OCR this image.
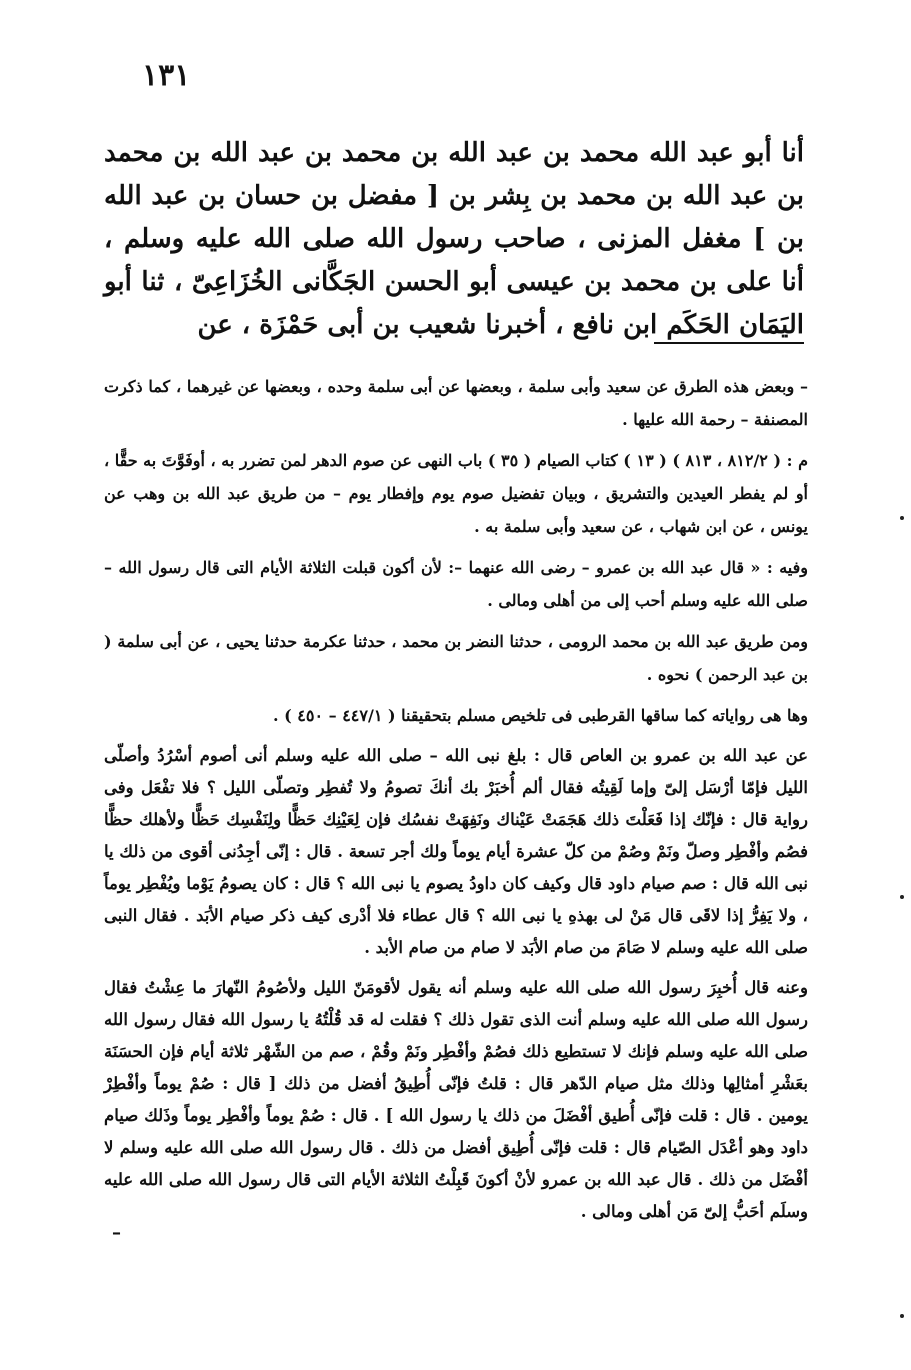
١٣١
أنا أبو عبد الله محمد بن عبد الله بن محمد بن عبد الله بن محمد بن عبد الله بن محمد بن بِشر بن [ مفضل بن حسان بن عبد الله بن ] مغفل المزنى ، صاحب رسول الله صلى الله عليه وسلم ، أنا على بن محمد بن عيسى أبو الحسن الجَكَّانى الخُزَاعِىّ ، ثنا أبو اليَمَان الحَكَم ابن نافع ، أخبرنا شعيب بن أبى حَمْزَة ، عن

– وبعض هذه الطرق عن سعيد وأبى سلمة ، وبعضها عن أبى سلمة وحده ، وبعضها عن غيرهما ، كما ذكرت المصنفة – رحمة الله عليها .

م : ( ٨١٢/٢ ، ٨١٣ ) ( ١٣ ) كتاب الصيام ( ٣٥ ) باب النهى عن صوم الدهر لمن تضرر به ، أوفَوَّتَ به حقًّا ، أو لم يفطر العيدين والتشريق ، وبيان تفضيل صوم يوم وإفطار يوم – من طريق عبد الله بن وهب عن يونس ، عن ابن شهاب ، عن سعيد وأبى سلمة به .

وفيه : « قال عبد الله بن عمرو – رضى الله عنهما –: لأن أكون قبلت الثلاثة الأيام التى قال رسول الله – صلى الله عليه وسلم أحب إلى من أهلى ومالى .

ومن طريق عبد الله بن محمد الرومى ، حدثنا النضر بن محمد ، حدثنا عكرمة حدثنا يحيى ، عن أبى سلمة ( بن عبد الرحمن ) نحوه .

وها هى رواياته كما ساقها القرطبى فى تلخيص مسلم بتحقيقنا ( ٤٤٧/١ – ٤٥٠ ) .

عن عبد الله بن عمرو بن العاص قال : بلغ نبى الله – صلى الله عليه وسلم أنى أصوم أسْرُدُ وأصلّى الليل فإمّا أرْسَل إلىّ وإما لَقِيتُه فقال ألم أُخبَرْ بك أنكَ تصومُ ولا تُفطِر وتصلّى الليل ؟ فلا تفْعَل وفى رواية قال : فإنّك إذا فَعَلْتَ ذلك هَجَمَتْ عَيْناك ونَفِهَتْ نفسُك فإن لِعَيْنِك حَظًّا ولِنَفْسِك حَظًّا ولأهلك حظًّا فصُم وأفْطِر وصلّ ونَمْ وصُمْ من كلّ عشرة أيام يوماً ولك أجر تسعة . قال : إنّى أجِدُنى أقوى من ذلك يا نبى الله قال : صم صيام داود قال وكيف كان داودُ يصوم يا نبى الله ؟ قال : كان يصومُ يَوْما ويُفْطِر يوماً ، ولا يَفِرُّ إذا لاقَى قال مَنْ لى بهذهِ يا نبى الله ؟ قال عطاء فلا أدْرى كيف ذكر صيام الأبَد . فقال النبى صلى الله عليه وسلم لا صَامَ من صام الأبَد لا صام من صام الأبد .

وعنه قال أُخبِرَ رسول الله صلى الله عليه وسلم أنه يقول لأقومَنّ الليل ولأصُومُ النّهارَ ما عِشْتُ فقال رسول الله صلى الله عليه وسلم أنت الذى تقول ذلك ؟ فقلت له قد قُلْتُهُ يا رسول الله فقال رسول الله صلى الله عليه وسلم فإنك لا تستطيع ذلك فصُمْ وأفْطِر ونَمْ وقُمْ ، صم من الشّهْر ثلاثة أيام فإن الحسَنَة بعَشْرِ أمثالِها وذلك مثل صيام الدّهر قال : قلتُ فإنّى أُطِيقُ أفضل من ذلك [ قال : صُمْ يوماً وأفْطِرْ يومين . قال : قلت فإنّى أُطيق أفْضَلَ من ذلك يا رسول الله ] . قال : صُمْ يوماً وأفْطِر يوماً وذَلك صيام داود وهو أعْدَل الصّيام قال : قلت فإنّى أُطِيق أفضل من ذلك . قال رسول الله صلى الله عليه وسلم لا أفْضَل من ذلك . قال عبد الله بن عمرو لأنْ أكونَ قَبِلْتُ الثلاثة الأيام التى قال رسول الله صلى الله عليه وسلَم أحَبُّ إلىّ مَن أهلى ومالى .

–
